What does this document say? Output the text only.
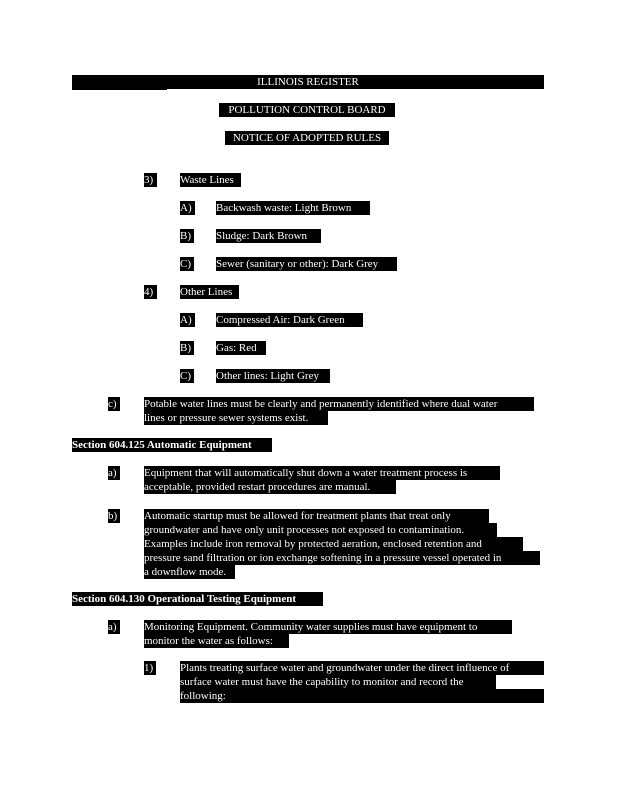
ILLINOIS REGISTER
POLLUTION CONTROL BOARD
NOTICE OF ADOPTED RULES
3)	Waste Lines
A)	Backwash waste: Light Brown
B) Sludge: Dark Brown
C) Sewer (sanitary or other): Dark Grey
4)	Other Lines
A)	Compressed Air: Dark Green
B) Gas: Red
C) Other lines: Light Grey
c)	Potable water lines must be clearly and permanently identified where dual water
lines or pressure sewer systems exist.
Section 604.125 Automatic Equipment
a)	Equipment that will automatically shut down a water treatment process is
acceptable, provided restart procedures are manual.
b) Automatic startup must be allowed for treatment plants that treat only
groundwater and have only unit processes not exposed to contamination.
Examples include iron removal by protected aeration, enclosed retention and
pressure sand filtration or ion exchange softening in a pressure vessel operated in
a downflow mode.
Section 604.130 Operational Testing Equipment
a)	Monitoring Equipment. Community water supplies must have equipment to
monitor the water as follows:
1) Plants treating surface water and groundwater under the direct influence of
surface water must have the capability to monitor and record the
following:
